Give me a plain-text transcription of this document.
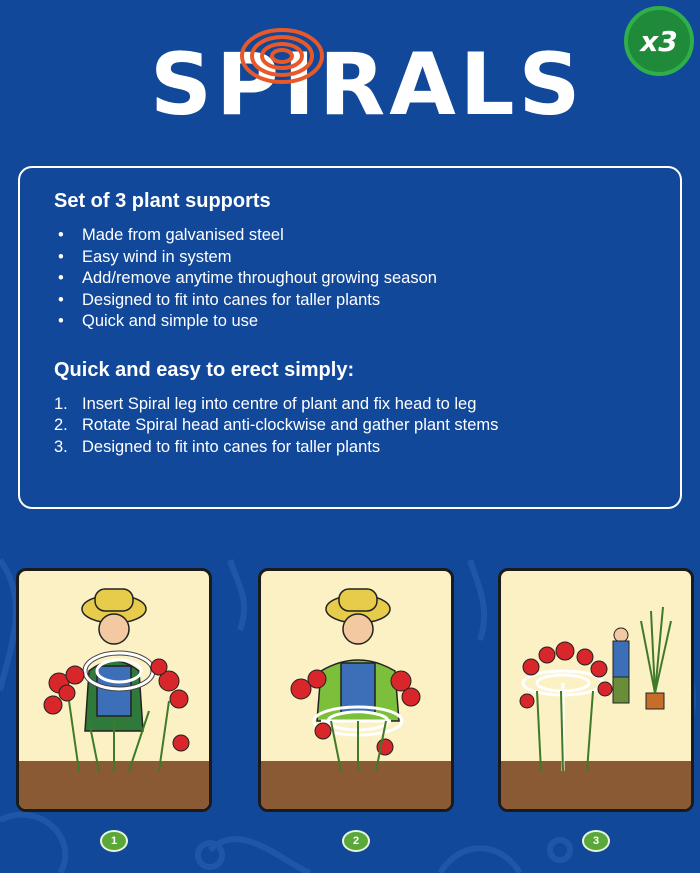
SPIRALS x3
Set of 3 plant supports
• Made from galvanised steel
• Easy wind in system
• Add/remove anytime throughout growing season
• Designed to fit into canes for taller plants
• Quick and simple to use
Quick and easy to erect simply:
1. Insert Spiral leg into centre of plant and fix head to leg
2. Rotate Spiral head anti-clockwise and gather plant stems
3. Designed to fit into canes for taller plants
1	2	3
